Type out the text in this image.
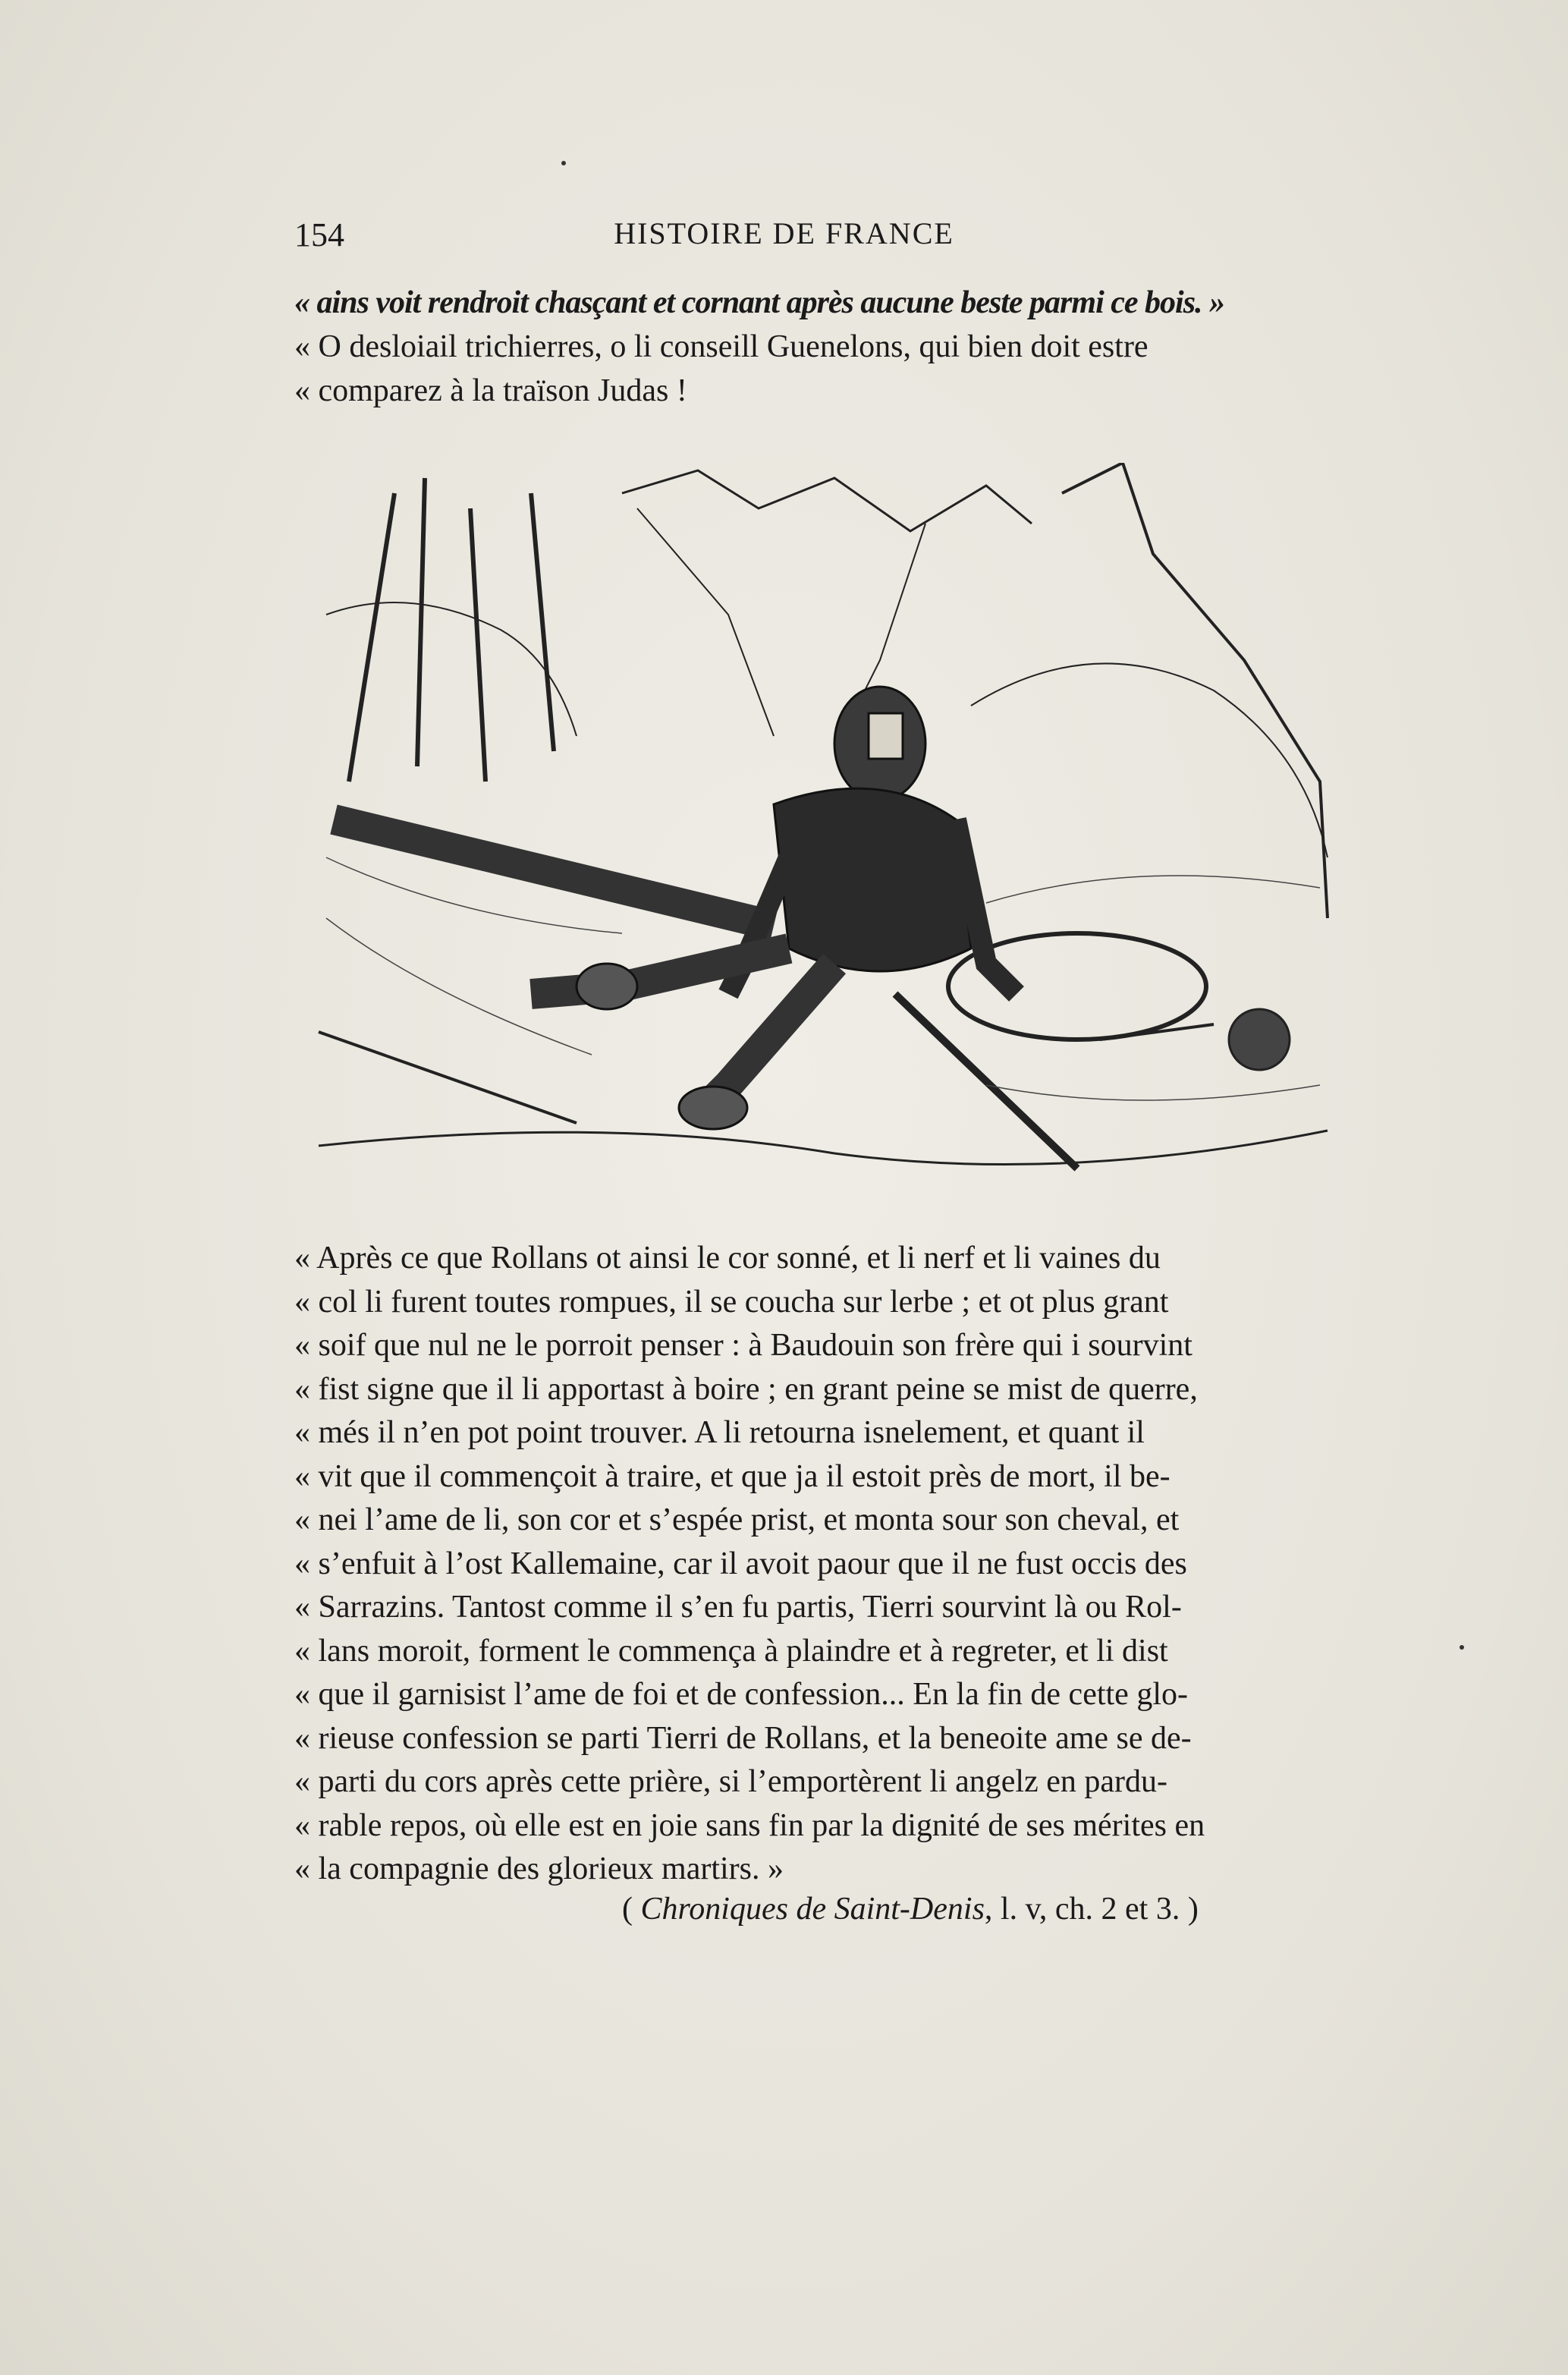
154	HISTOIRE DE FRANCE
« ains voit rendroit chasçant et cornant après aucune beste parmi ce bois. »
« O desloiail trichierres, o li conseill Guenelons, qui bien doit estre
« comparez à la traïson Judas !
« Après ce que Rollans ot ainsi le cor sonné, et li nerf et li vaines du
« col li furent toutes rompues, il se coucha sur lerbe ; et ot plus grant
« soif que nul ne le porroit penser : à Baudouin son frère qui i sourvint
« fist signe que il li apportast à boire ; en grant peine se mist de querre,
« més il n’en pot point trouver. A li retourna isnelement, et quant il
« vit que il commençoit à traire, et que ja il estoit près de mort, il be-
« nei l’ame de li, son cor et s’espée prist, et monta sour son cheval, et
« s’enfuit à l’ost Kallemaine, car il avoit paour que il ne fust occis des
« Sarrazins. Tantost comme il s’en fu partis, Tierri sourvint là ou Rol-
« lans moroit, forment le commença à plaindre et à regreter, et li dist
« que il garnisist l’ame de foi et de confession... En la fin de cette glo-
« rieuse confession se parti Tierri de Rollans, et la beneoite ame se de-
« parti du cors après cette prière, si l’emportèrent li angelz en pardu-
« rable repos, où elle est en joie sans fin par la dignité de ses mérites en
« la compagnie des glorieux martirs. »
( Chroniques de Saint-Denis, l. v, ch. 2 et 3. )
